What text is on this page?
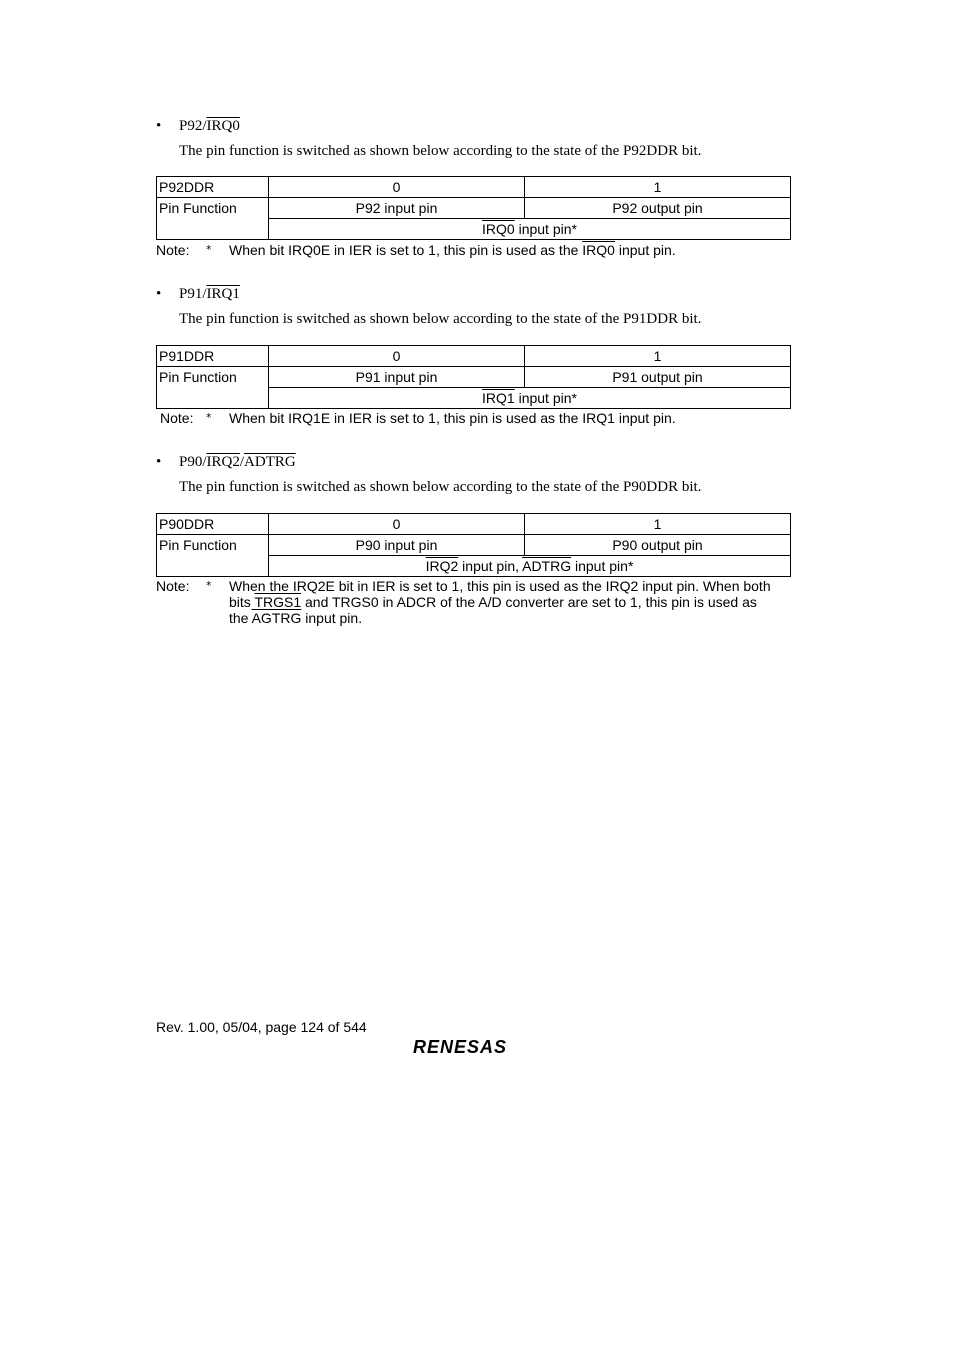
• P92/IRQ0
The pin function is switched as shown below according to the state of the P92DDR bit.
P92DDR	0	1
Pin Function	P92 input pin	P92 output pin
	IRQ0 input pin*	
Note: * When bit IRQ0E in IER is set to 1, this pin is used as the IRQ0 input pin.
• P91/IRQ1
The pin function is switched as shown below according to the state of the P91DDR bit.
P91DDR	0	1
Pin Function	P91 input pin	P91 output pin
	IRQ1 input pin*	
Note: * When bit IRQ1E in IER is set to 1, this pin is used as the IRQ1 input pin.
• P90/IRQ2/ADTRG
The pin function is switched as shown below according to the state of the P90DDR bit.
P90DDR	0	1
Pin Function	P90 input pin	P90 output pin
	IRQ2 input pin, ADTRG input pin*	
Note: * When the IRQ2E bit in IER is set to 1, this pin is used as the IRQ2 input pin. When both
bits TRGS1 and TRGS0 in ADCR of the A/D converter are set to 1, this pin is used as
the AGTRG input pin.
Rev. 1.00, 05/04, page 124 of 544
RENESAS
